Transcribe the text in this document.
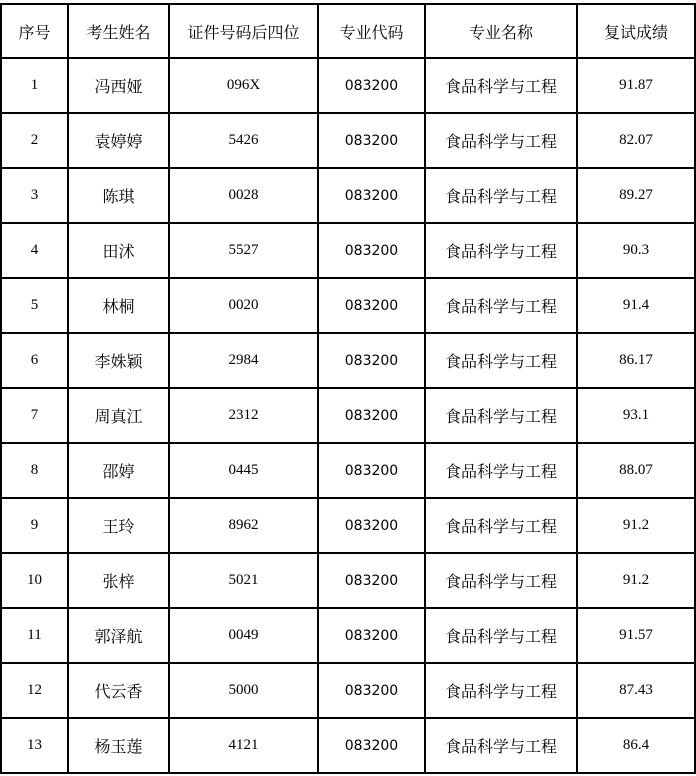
序号	考生姓名	证件号码后四位	专业代码	专业名称	复试成绩
1	冯西娅	096X	083200	食品科学与工程	91.87
2	袁婷婷	5426	083200	食品科学与工程	82.07
3	陈琪	0028	083200	食品科学与工程	89.27
4	田沭	5527	083200	食品科学与工程	90.3
5	林桐	0020	083200	食品科学与工程	91.4
6	李姝颖	2984	083200	食品科学与工程	86.17
7	周真江	2312	083200	食品科学与工程	93.1
8	邵婷	0445	083200	食品科学与工程	88.07
9	王玲	8962	083200	食品科学与工程	91.2
10	张梓	5021	083200	食品科学与工程	91.2
11	郭泽航	0049	083200	食品科学与工程	91.57
12	代云香	5000	083200	食品科学与工程	87.43
13	杨玉莲	4121	083200	食品科学与工程	86.4
